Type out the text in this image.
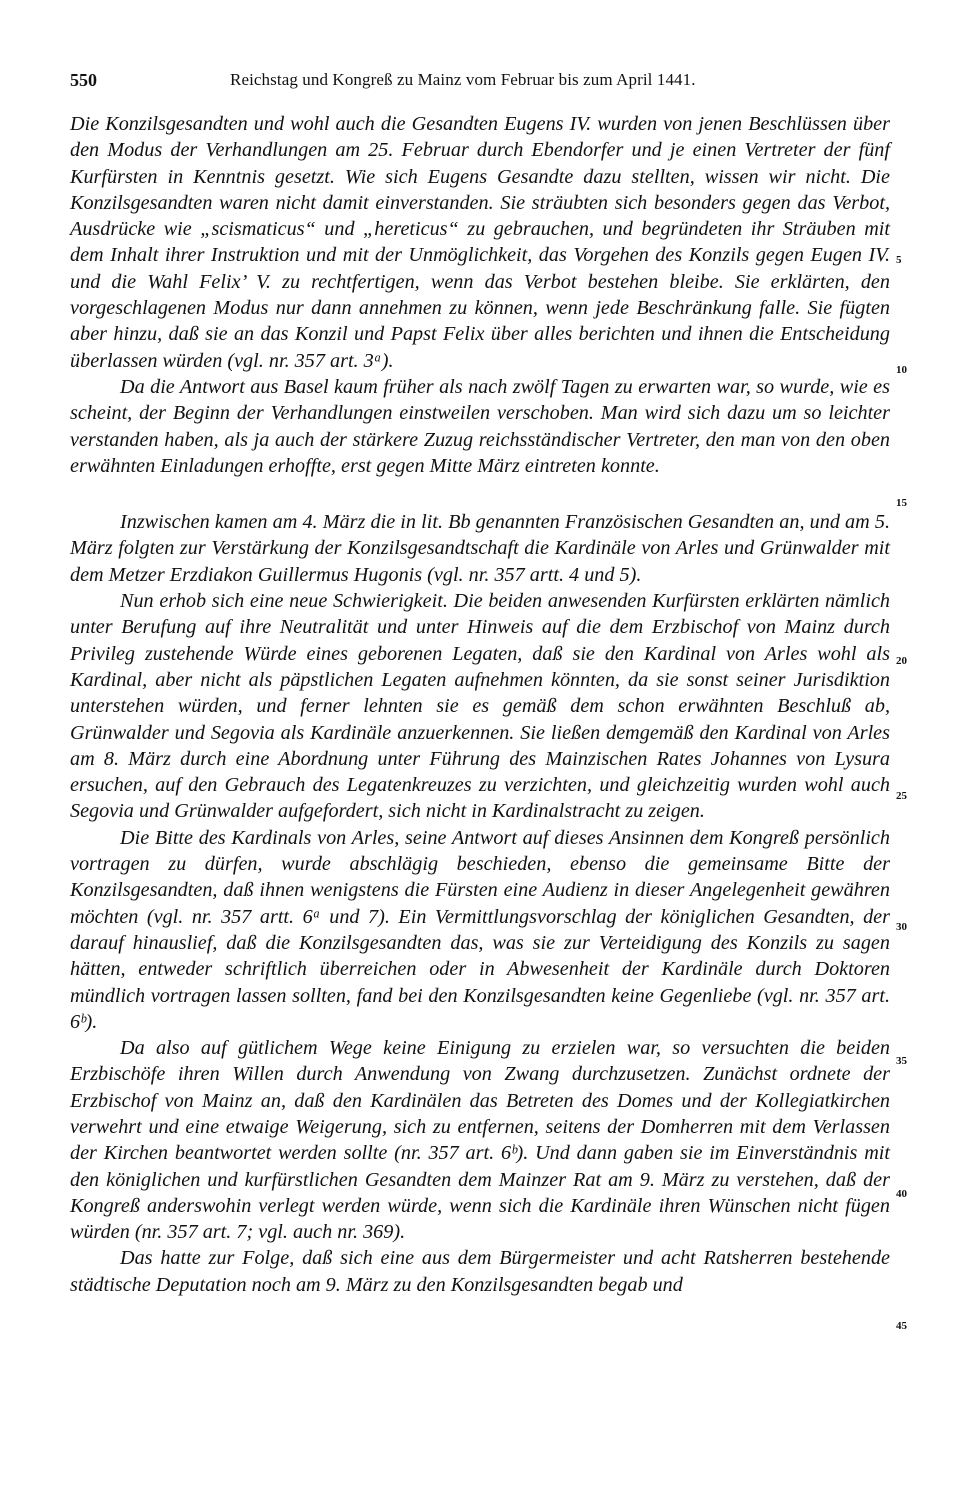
550	Reichstag und Kongreß zu Mainz vom Februar bis zum April 1441.

Die Konzilsgesandten und wohl auch die Gesandten Eugens IV. wurden von jenen Beschlüssen über den Modus der Verhandlungen am 25. Februar durch Ebendorfer und je einen Vertreter der fünf Kurfürsten in Kenntnis gesetzt. Wie sich Eugens Gesandte dazu stellten, wissen wir nicht. Die Konzilsgesandten waren nicht damit einverstanden. Sie sträubten sich besonders gegen das Verbot, Ausdrücke wie „scismaticus“ und „hereticus“ zu gebrauchen, und begründeten ihr Sträuben mit dem Inhalt ihrer Instruktion und mit der Unmöglichkeit, das Vorgehen des Konzils gegen Eugen IV. und die Wahl Felix’ V. zu rechtfertigen, wenn das Verbot bestehen bleibe. Sie erklärten, den vorgeschlagenen Modus nur dann annehmen zu können, wenn jede Beschränkung falle. Sie fügten aber hinzu, daß sie an das Konzil und Papst Felix über alles berichten und ihnen die Entscheidung überlassen würden (vgl. nr. 357 art. 3ᵃ).

Da die Antwort aus Basel kaum früher als nach zwölf Tagen zu erwarten war, so wurde, wie es scheint, der Beginn der Verhandlungen einstweilen verschoben. Man wird sich dazu um so leichter verstanden haben, als ja auch der stärkere Zuzug reichsständischer Vertreter, den man von den oben erwähnten Einladungen erhoffte, erst gegen Mitte März eintreten konnte.

Inzwischen kamen am 4. März die in lit. Bb genannten Französischen Gesandten an, und am 5. März folgten zur Verstärkung der Konzilsgesandtschaft die Kardinäle von Arles und Grünwalder mit dem Metzer Erzdiakon Guillermus Hugonis (vgl. nr. 357 artt. 4 und 5).

Nun erhob sich eine neue Schwierigkeit. Die beiden anwesenden Kurfürsten erklärten nämlich unter Berufung auf ihre Neutralität und unter Hinweis auf die dem Erzbischof von Mainz durch Privileg zustehende Würde eines geborenen Legaten, daß sie den Kardinal von Arles wohl als Kardinal, aber nicht als päpstlichen Legaten aufnehmen könnten, da sie sonst seiner Jurisdiktion unterstehen würden, und ferner lehnten sie es gemäß dem schon erwähnten Beschluß ab, Grünwalder und Segovia als Kardinäle anzuerkennen. Sie ließen demgemäß den Kardinal von Arles am 8. März durch eine Abordnung unter Führung des Mainzischen Rates Johannes von Lysura ersuchen, auf den Gebrauch des Legatenkreuzes zu verzichten, und gleichzeitig wurden wohl auch Segovia und Grünwalder aufgefordert, sich nicht in Kardinalstracht zu zeigen.

Die Bitte des Kardinals von Arles, seine Antwort auf dieses Ansinnen dem Kongreß persönlich vortragen zu dürfen, wurde abschlägig beschieden, ebenso die gemeinsame Bitte der Konzilsgesandten, daß ihnen wenigstens die Fürsten eine Audienz in dieser Angelegenheit gewähren möchten (vgl. nr. 357 artt. 6ᵃ und 7). Ein Vermittlungsvorschlag der königlichen Gesandten, der darauf hinauslief, daß die Konzilsgesandten das, was sie zur Verteidigung des Konzils zu sagen hätten, entweder schriftlich überreichen oder in Abwesenheit der Kardinäle durch Doktoren mündlich vortragen lassen sollten, fand bei den Konzilsgesandten keine Gegenliebe (vgl. nr. 357 art. 6ᵇ).

Da also auf gütlichem Wege keine Einigung zu erzielen war, so versuchten die beiden Erzbischöfe ihren Willen durch Anwendung von Zwang durchzusetzen. Zunächst ordnete der Erzbischof von Mainz an, daß den Kardinälen das Betreten des Domes und der Kollegiatkirchen verwehrt und eine etwaige Weigerung, sich zu entfernen, seitens der Domherren mit dem Verlassen der Kirchen beantwortet werden sollte (nr. 357 art. 6ᵇ). Und dann gaben sie im Einverständnis mit den königlichen und kurfürstlichen Gesandten dem Mainzer Rat am 9. März zu verstehen, daß der Kongreß anderswohin verlegt werden würde, wenn sich die Kardinäle ihren Wünschen nicht fügen würden (nr. 357 art. 7; vgl. auch nr. 369).

Das hatte zur Folge, daß sich eine aus dem Bürgermeister und acht Ratsherren bestehende städtische Deputation noch am 9. März zu den Konzilsgesandten begab und

5
10
15
20
25
30
35
40
45
